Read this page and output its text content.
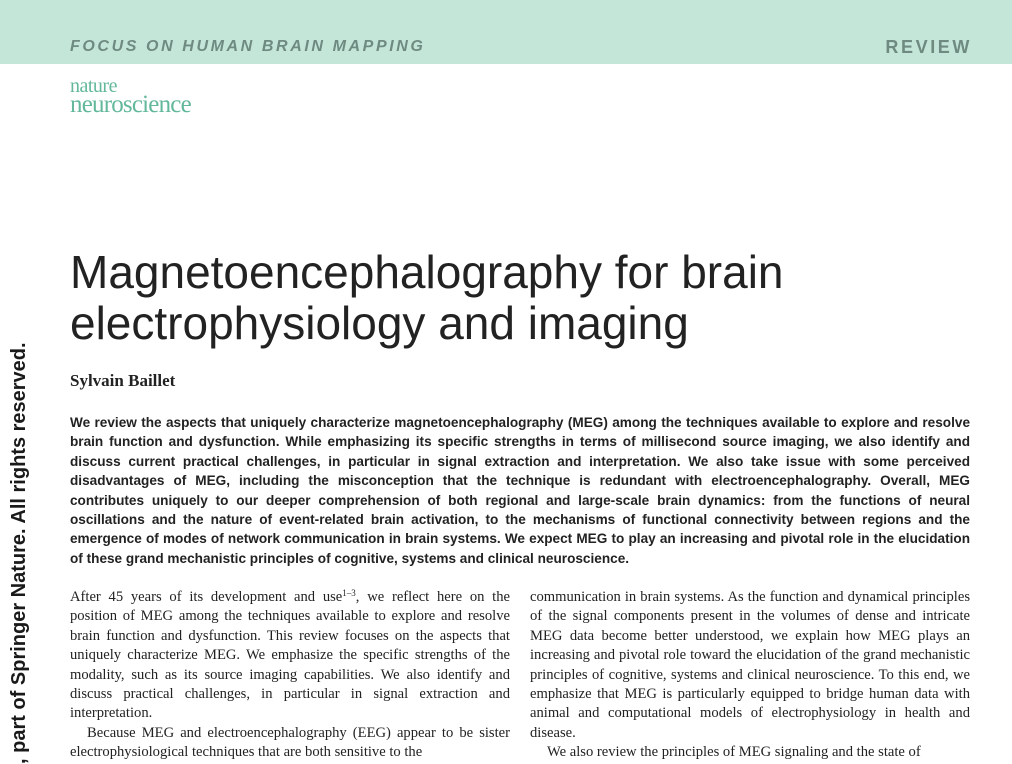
FOCUS ON HUMAN BRAIN MAPPING	REVIEW
nature
neuroscience
, part of Springer Nature. All rights reserved.
Magnetoencephalography for brain
electrophysiology and imaging

Sylvain Baillet

We review the aspects that uniquely characterize magnetoencephalography (MEG) among the techniques available to explore and resolve brain function and dysfunction. While emphasizing its specific strengths in terms of millisecond source imaging, we also identify and discuss current practical challenges, in particular in signal extraction and interpretation. We also take issue with some perceived disadvantages of MEG, including the misconception that the technique is redundant with electroencephalography. Overall, MEG contributes uniquely to our deeper comprehension of both regional and large-scale brain dynamics: from the functions of neural oscillations and the nature of event-related brain activation, to the mechanisms of functional connectivity between regions and the emergence of modes of network communication in brain systems. We expect MEG to play an increasing and pivotal role in the elucidation of these grand mechanistic principles of cognitive, systems and clinical neuroscience.

After 45 years of its development and use$^{1-3}$, we reflect here on the position of MEG among the techniques available to explore and resolve brain function and dysfunction. This review focuses on the aspects that uniquely characterize MEG. We emphasize the specific strengths of the modality, such as its source imaging capabilities. We also identify and discuss practical challenges, in particular in signal extraction and interpretation.

Because MEG and electroencephalography (EEG) appear to be sister electrophysiological techniques that are both sensitive to the

communication in brain systems. As the function and dynamical principles of the signal components present in the volumes of dense and intricate MEG data become better understood, we explain how MEG plays an increasing and pivotal role toward the elucidation of the grand mechanistic principles of cognitive, systems and clinical neuroscience. To this end, we emphasize that MEG is particularly equipped to bridge human data with animal and computational models of electrophysiology in health and disease.

We also review the principles of MEG signaling and the state of
